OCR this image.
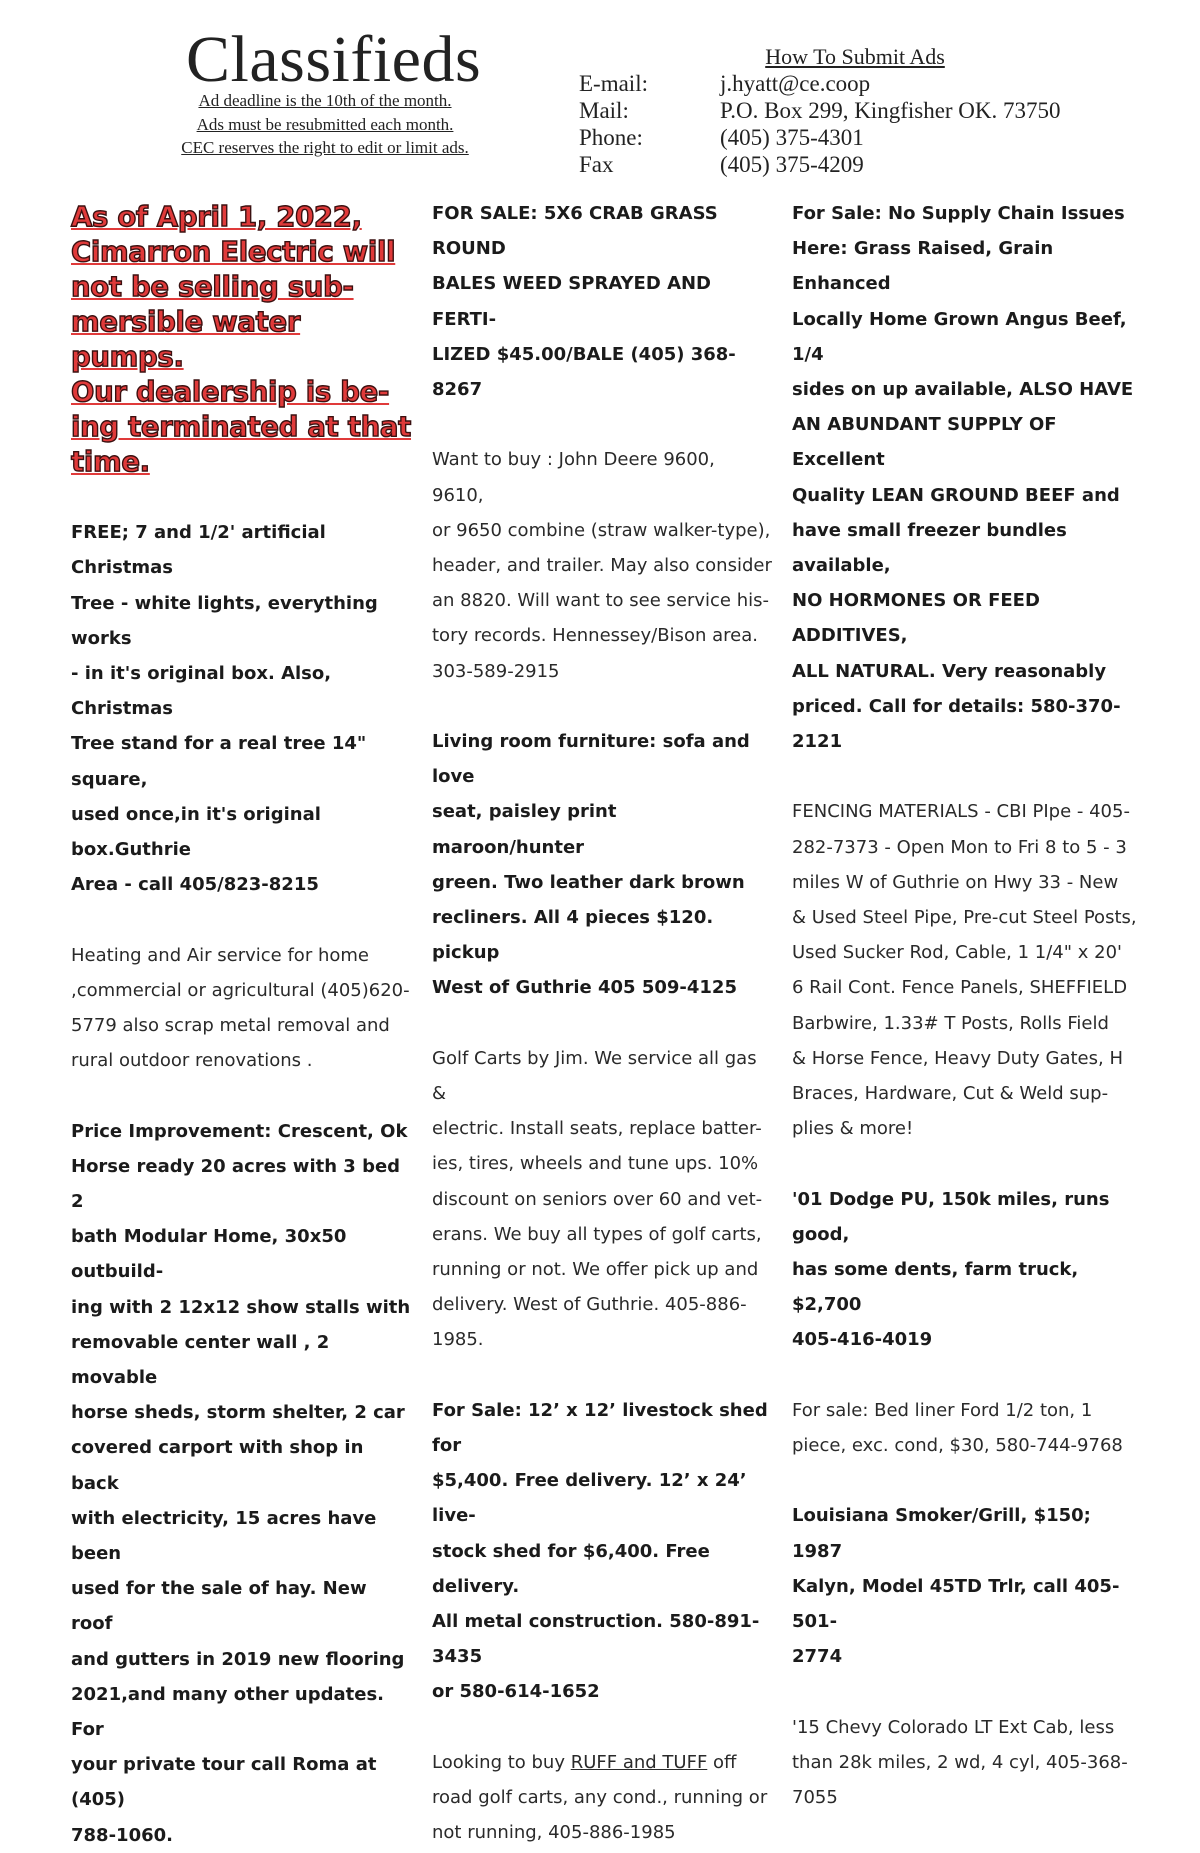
Classifieds
Ad deadline is the 10th of the month.
Ads must be resubmitted each month.
CEC reserves the right to edit or limit ads.
How To Submit Ads
E-mail:	j.hyatt@ce.coop
Mail:	P.O. Box 299, Kingfisher OK. 73750
Phone:	(405) 375-4301
Fax	(405) 375-4209

As of April 1, 2022,
Cimarron Electric will
not be selling sub-
mersible water pumps.
Our dealership is be-
ing terminated at that
time.

FREE; 7 and 1/2' artificial Christmas
Tree - white lights, everything works
- in it's original box. Also, Christmas
Tree stand for a real tree 14" square,
used once,in it's original box.Guthrie
Area - call 405/823-8215

Heating and Air service for home
,commercial or agricultural (405)620-
5779 also scrap metal removal and
rural outdoor renovations .

Price Improvement: Crescent, Ok
Horse ready 20 acres with 3 bed 2
bath Modular Home, 30x50 outbuild-
ing with 2 12x12 show stalls with
removable center wall , 2 movable
horse sheds, storm shelter, 2 car
covered carport with shop in back
with electricity, 15 acres have been
used for the sale of hay. New roof
and gutters in 2019 new flooring
2021,and many other updates. For
your private tour call Roma at (405)
788-1060.

FOR SALE: 5X6 CRAB GRASS ROUND
BALES WEED SPRAYED AND FERTI-
LIZED $45.00/BALE (405) 368-8267

Want to buy : John Deere 9600, 9610,
or 9650 combine (straw walker-type),
header, and trailer. May also consider
an 8820. Will want to see service his-
tory records. Hennessey/Bison area.
303-589-2915

Living room furniture: sofa and love
seat, paisley print maroon/hunter
green. Two leather dark brown
recliners. All 4 pieces $120. pickup
West of Guthrie 405 509-4125

Golf Carts by Jim. We service all gas &
electric. Install seats, replace batter-
ies, tires, wheels and tune ups. 10%
discount on seniors over 60 and vet-
erans. We buy all types of golf carts,
running or not. We offer pick up and
delivery. West of Guthrie. 405-886-
1985.

For Sale: 12’ x 12’ livestock shed for
$5,400. Free delivery. 12’ x 24’ live-
stock shed for $6,400. Free delivery.
All metal construction. 580-891-3435
or 580-614-1652

Looking to buy RUFF and TUFF off
road golf carts, any cond., running or
not running, 405-886-1985

For Sale: No Supply Chain Issues
Here: Grass Raised, Grain Enhanced
Locally Home Grown Angus Beef, 1/4
sides on up available, ALSO HAVE
AN ABUNDANT SUPPLY OF Excellent
Quality LEAN GROUND BEEF and
have small freezer bundles available,
NO HORMONES OR FEED ADDITIVES,
ALL NATURAL. Very reasonably
priced. Call for details: 580-370-2121

FENCING MATERIALS - CBI PIpe - 405-
282-7373 - Open Mon to Fri 8 to 5 - 3
miles W of Guthrie on Hwy 33 - New
& Used Steel Pipe, Pre-cut Steel Posts,
Used Sucker Rod, Cable, 1 1/4" x 20'
6 Rail Cont. Fence Panels, SHEFFIELD
Barbwire, 1.33# T Posts, Rolls Field
& Horse Fence, Heavy Duty Gates, H
Braces, Hardware, Cut & Weld sup-
plies & more!

'01 Dodge PU, 150k miles, runs good,
has some dents, farm truck, $2,700
405-416-4019

For sale: Bed liner Ford 1/2 ton, 1
piece, exc. cond, $30, 580-744-9768

Louisiana Smoker/Grill, $150; 1987
Kalyn, Model 45TD Trlr, call 405-501-
2774

'15 Chevy Colorado LT Ext Cab, less
than 28k miles, 2 wd, 4 cyl, 405-368-
7055
